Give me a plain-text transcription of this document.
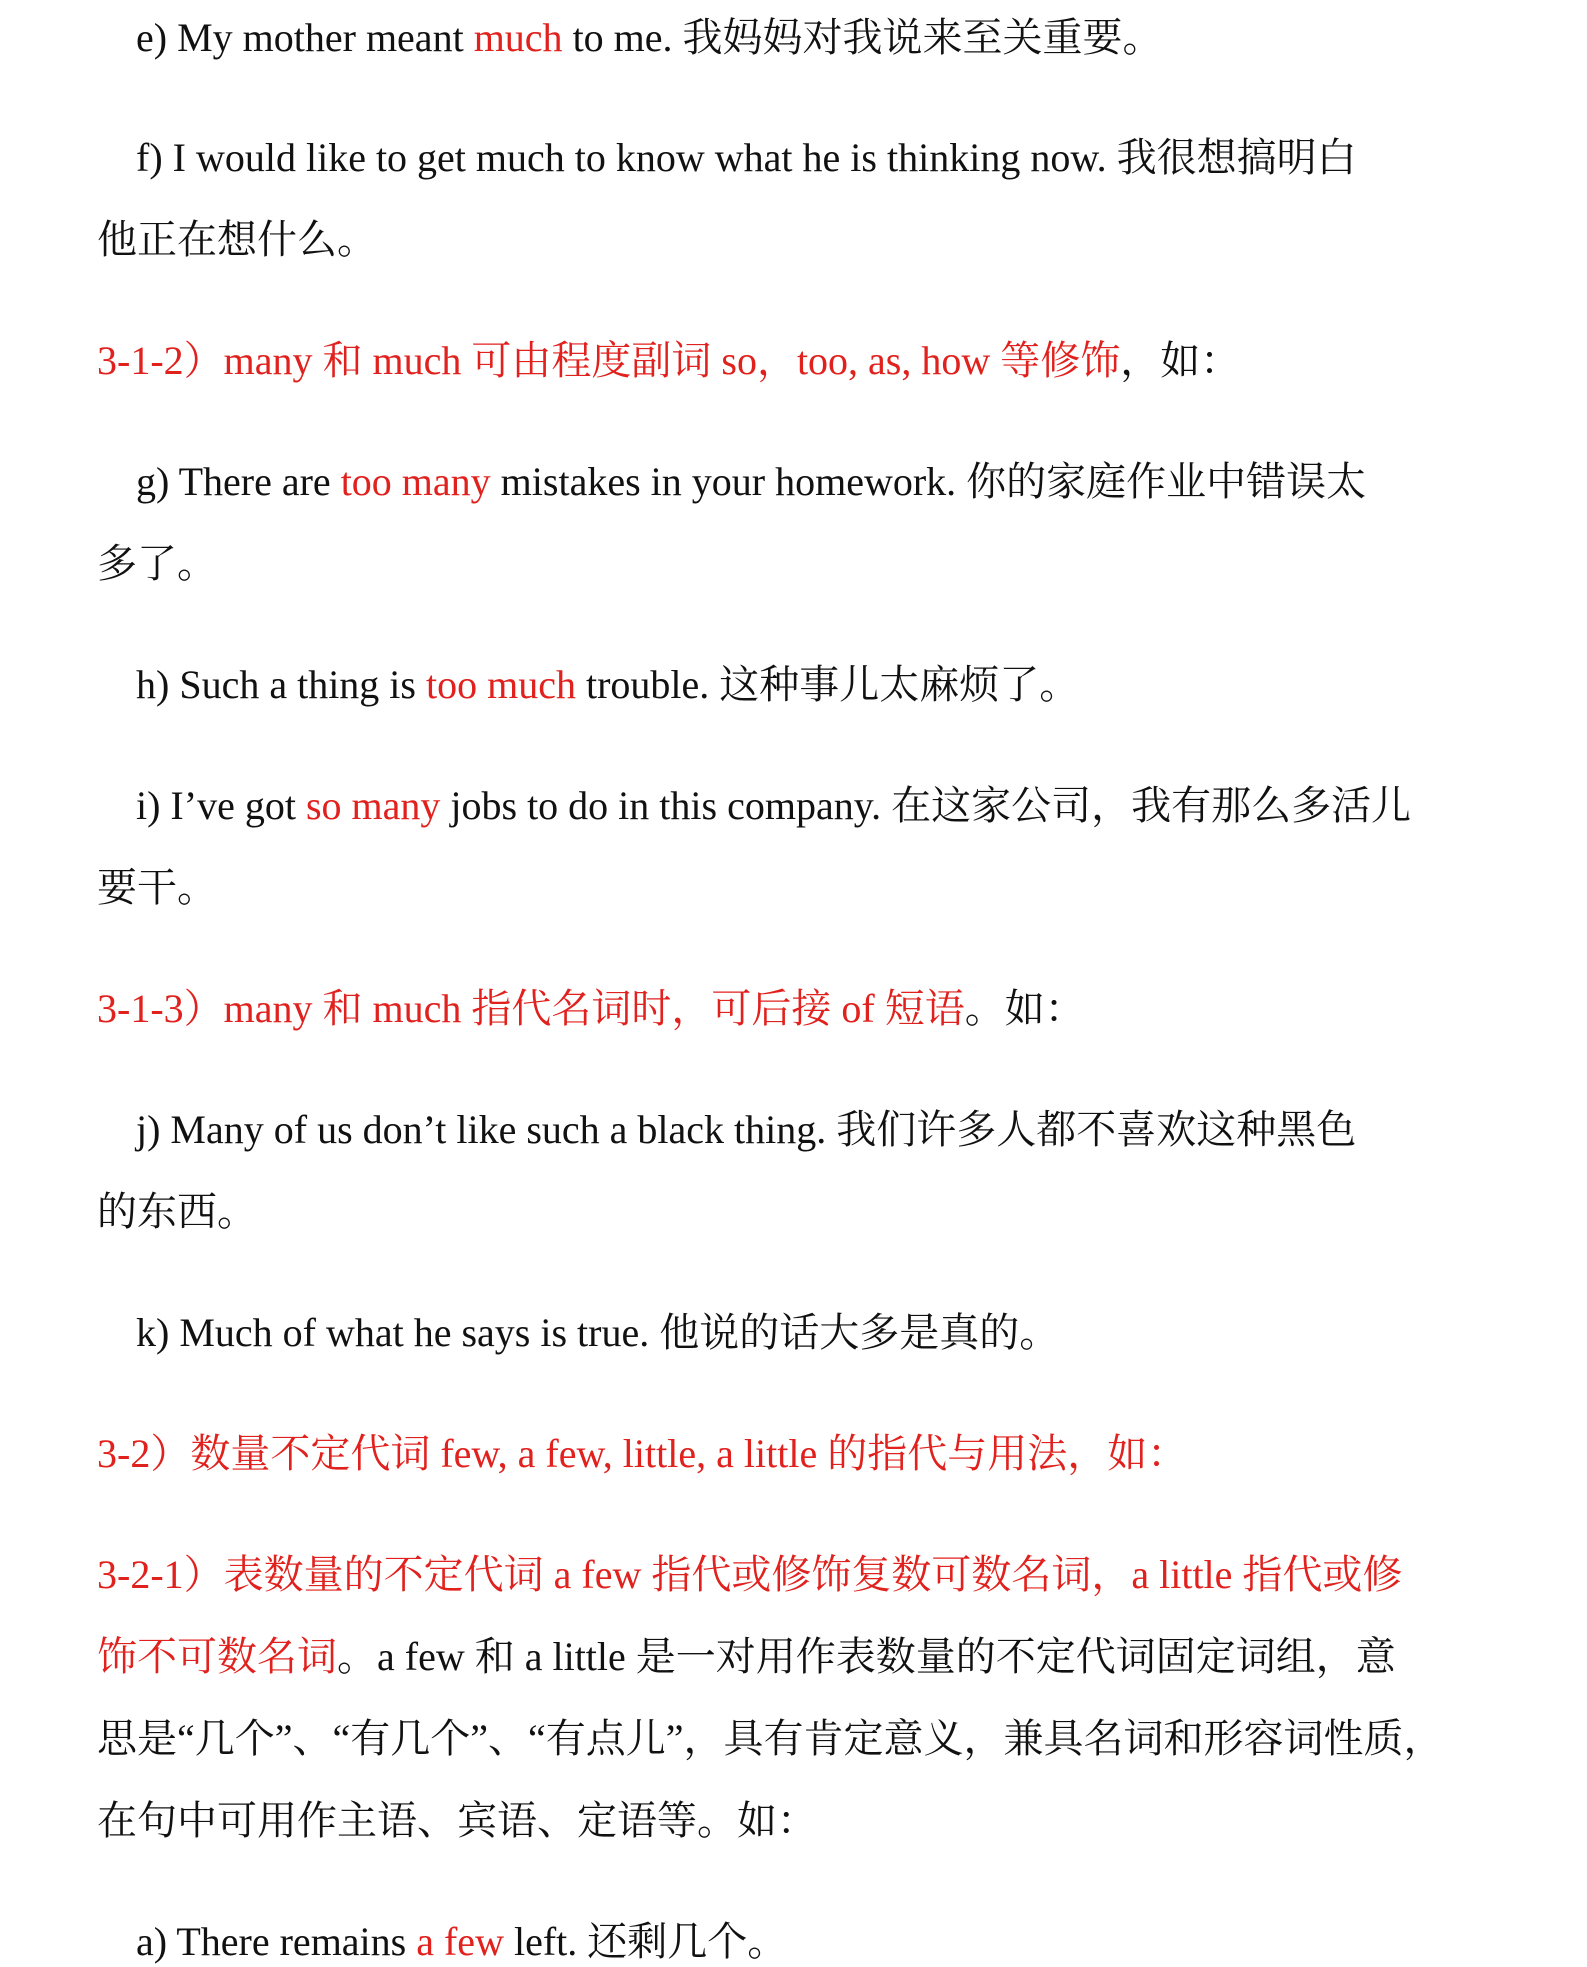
e) My mother meant much to me. 我妈妈对我说来至关重要。
f) I would like to get much to know what he is thinking now. 我很想搞明白
他正在想什么。
3-1-2）many 和 much 可由程度副词 so，too, as, how 等修饰，如：
g) There are too many mistakes in your homework. 你的家庭作业中错误太
多了。
h) Such a thing is too much trouble. 这种事儿太麻烦了。
i) I’ve got so many jobs to do in this company. 在这家公司，我有那么多活儿
要干。
3-1-3）many 和 much 指代名词时，可后接 of 短语。如：
j) Many of us don’t like such a black thing. 我们许多人都不喜欢这种黑色
的东西。
k) Much of what he says is true. 他说的话大多是真的。
3-2）数量不定代词 few, a few, little, a little 的指代与用法，如：
3-2-1）表数量的不定代词 a few 指代或修饰复数可数名词，a little 指代或修
饰不可数名词。a few 和 a little 是一对用作表数量的不定代词固定词组，意
思是“几个”、“有几个”、“有点儿”，具有肯定意义，兼具名词和形容词性质，
在句中可用作主语、宾语、定语等。如：
a) There remains a few left. 还剩几个。
